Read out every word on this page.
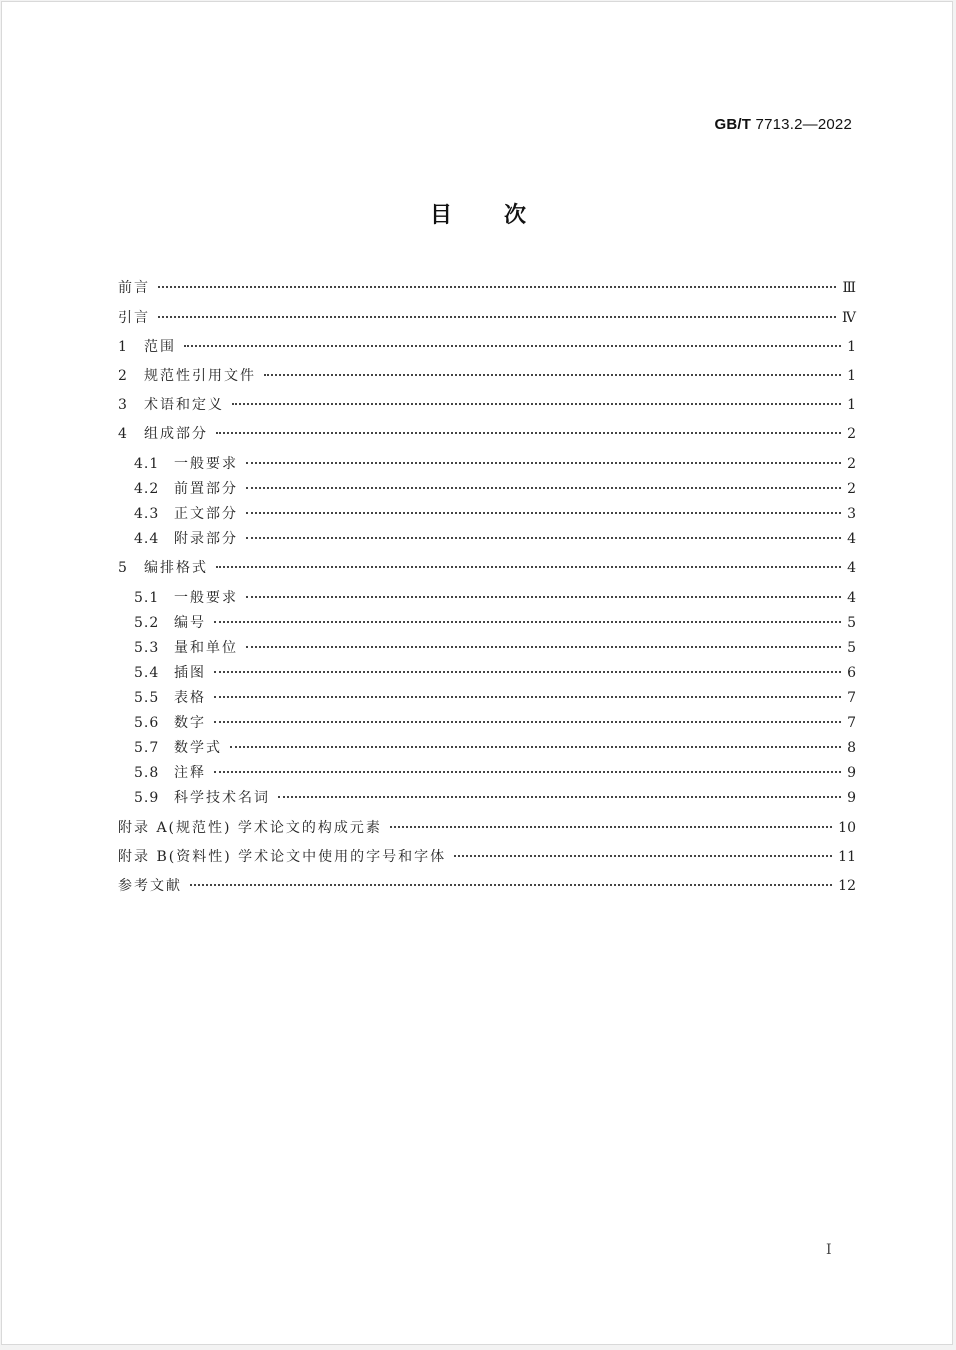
GB/T 7713.2—2022
目次
前言	Ⅲ
引言	Ⅳ
1	范围	1
2	规范性引用文件	1
3	术语和定义	1
4	组成部分	2
4.1	一般要求	2
4.2	前置部分	2
4.3	正文部分	3
4.4	附录部分	4
5	编排格式	4
5.1	一般要求	4
5.2	编号	5
5.3	量和单位	5
5.4	插图	6
5.5	表格	7
5.6	数字	7
5.7	数学式	8
5.8	注释	9
5.9	科学技术名词	9
附录 A(规范性) 学术论文的构成元素	10
附录 B(资料性) 学术论文中使用的字号和字体	11
参考文献	12
I
